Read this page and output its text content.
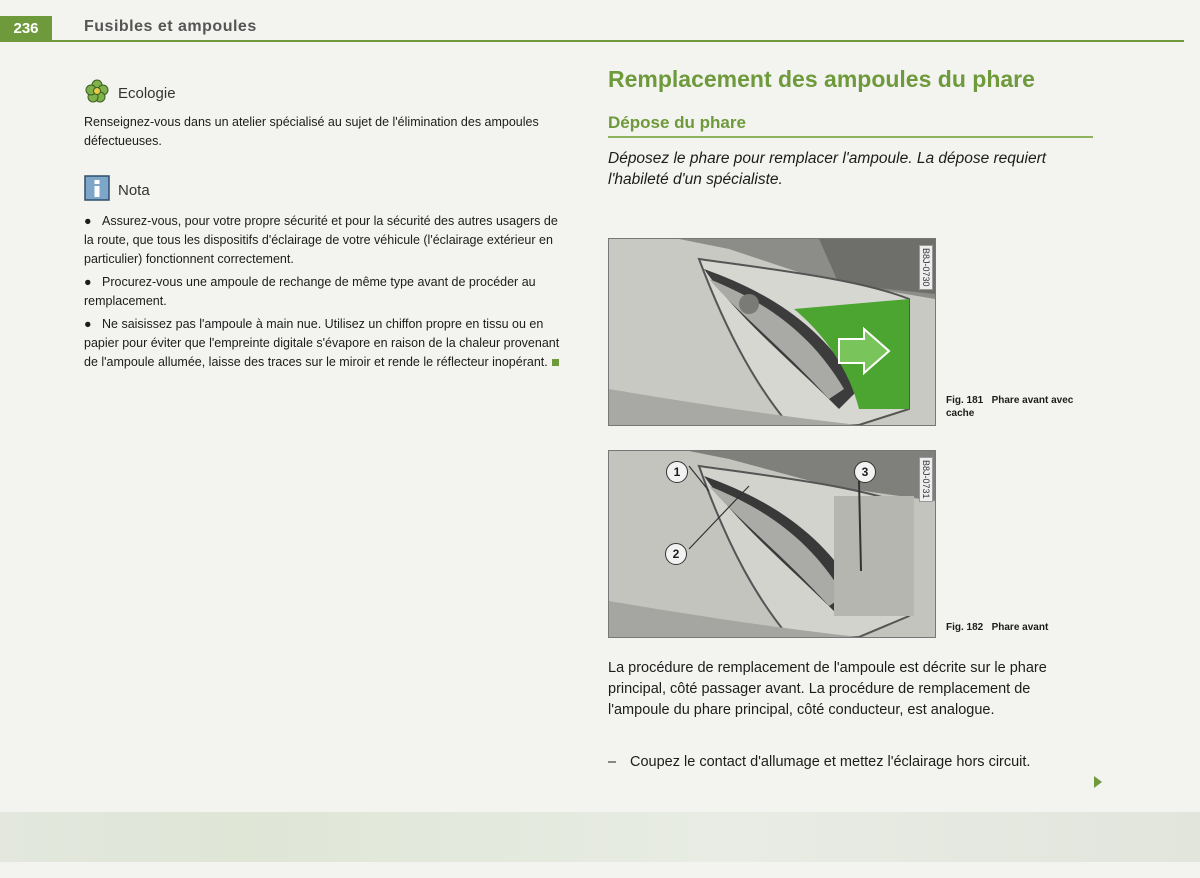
236	Fusibles et ampoules
Ecologie

Renseignez-vous dans un atelier spécialisé au sujet de l'élimination des ampoules défectueuses.

Nota

● Assurez-vous, pour votre propre sécurité et pour la sécurité des autres usagers de la route, que tous les dispositifs d'éclairage de votre véhicule (l'éclairage extérieur en particulier) fonctionnent correctement.

● Procurez-vous une ampoule de rechange de même type avant de procéder au remplacement.

● Ne saisissez pas l'ampoule à main nue. Utilisez un chiffon propre en tissu ou en papier pour éviter que l'empreinte digitale s'évapore en raison de la chaleur provenant de l'ampoule allumée, laisse des traces sur le miroir et rende le réflecteur inopérant.

Remplacement des ampoules du phare
Dépose du phare
Déposez le phare pour remplacer l'ampoule. La dépose requiert l'habileté d'un spécialiste.
B8J-0730
Fig. 181 Phare avant avec cache
B8J-0731
1
2
3
Fig. 182 Phare avant
La procédure de remplacement de l'ampoule est décrite sur le phare principal, côté passager avant. La procédure de remplacement de l'ampoule du phare principal, côté conducteur, est analogue.
– Coupez le contact d'allumage et mettez l'éclairage hors circuit.
